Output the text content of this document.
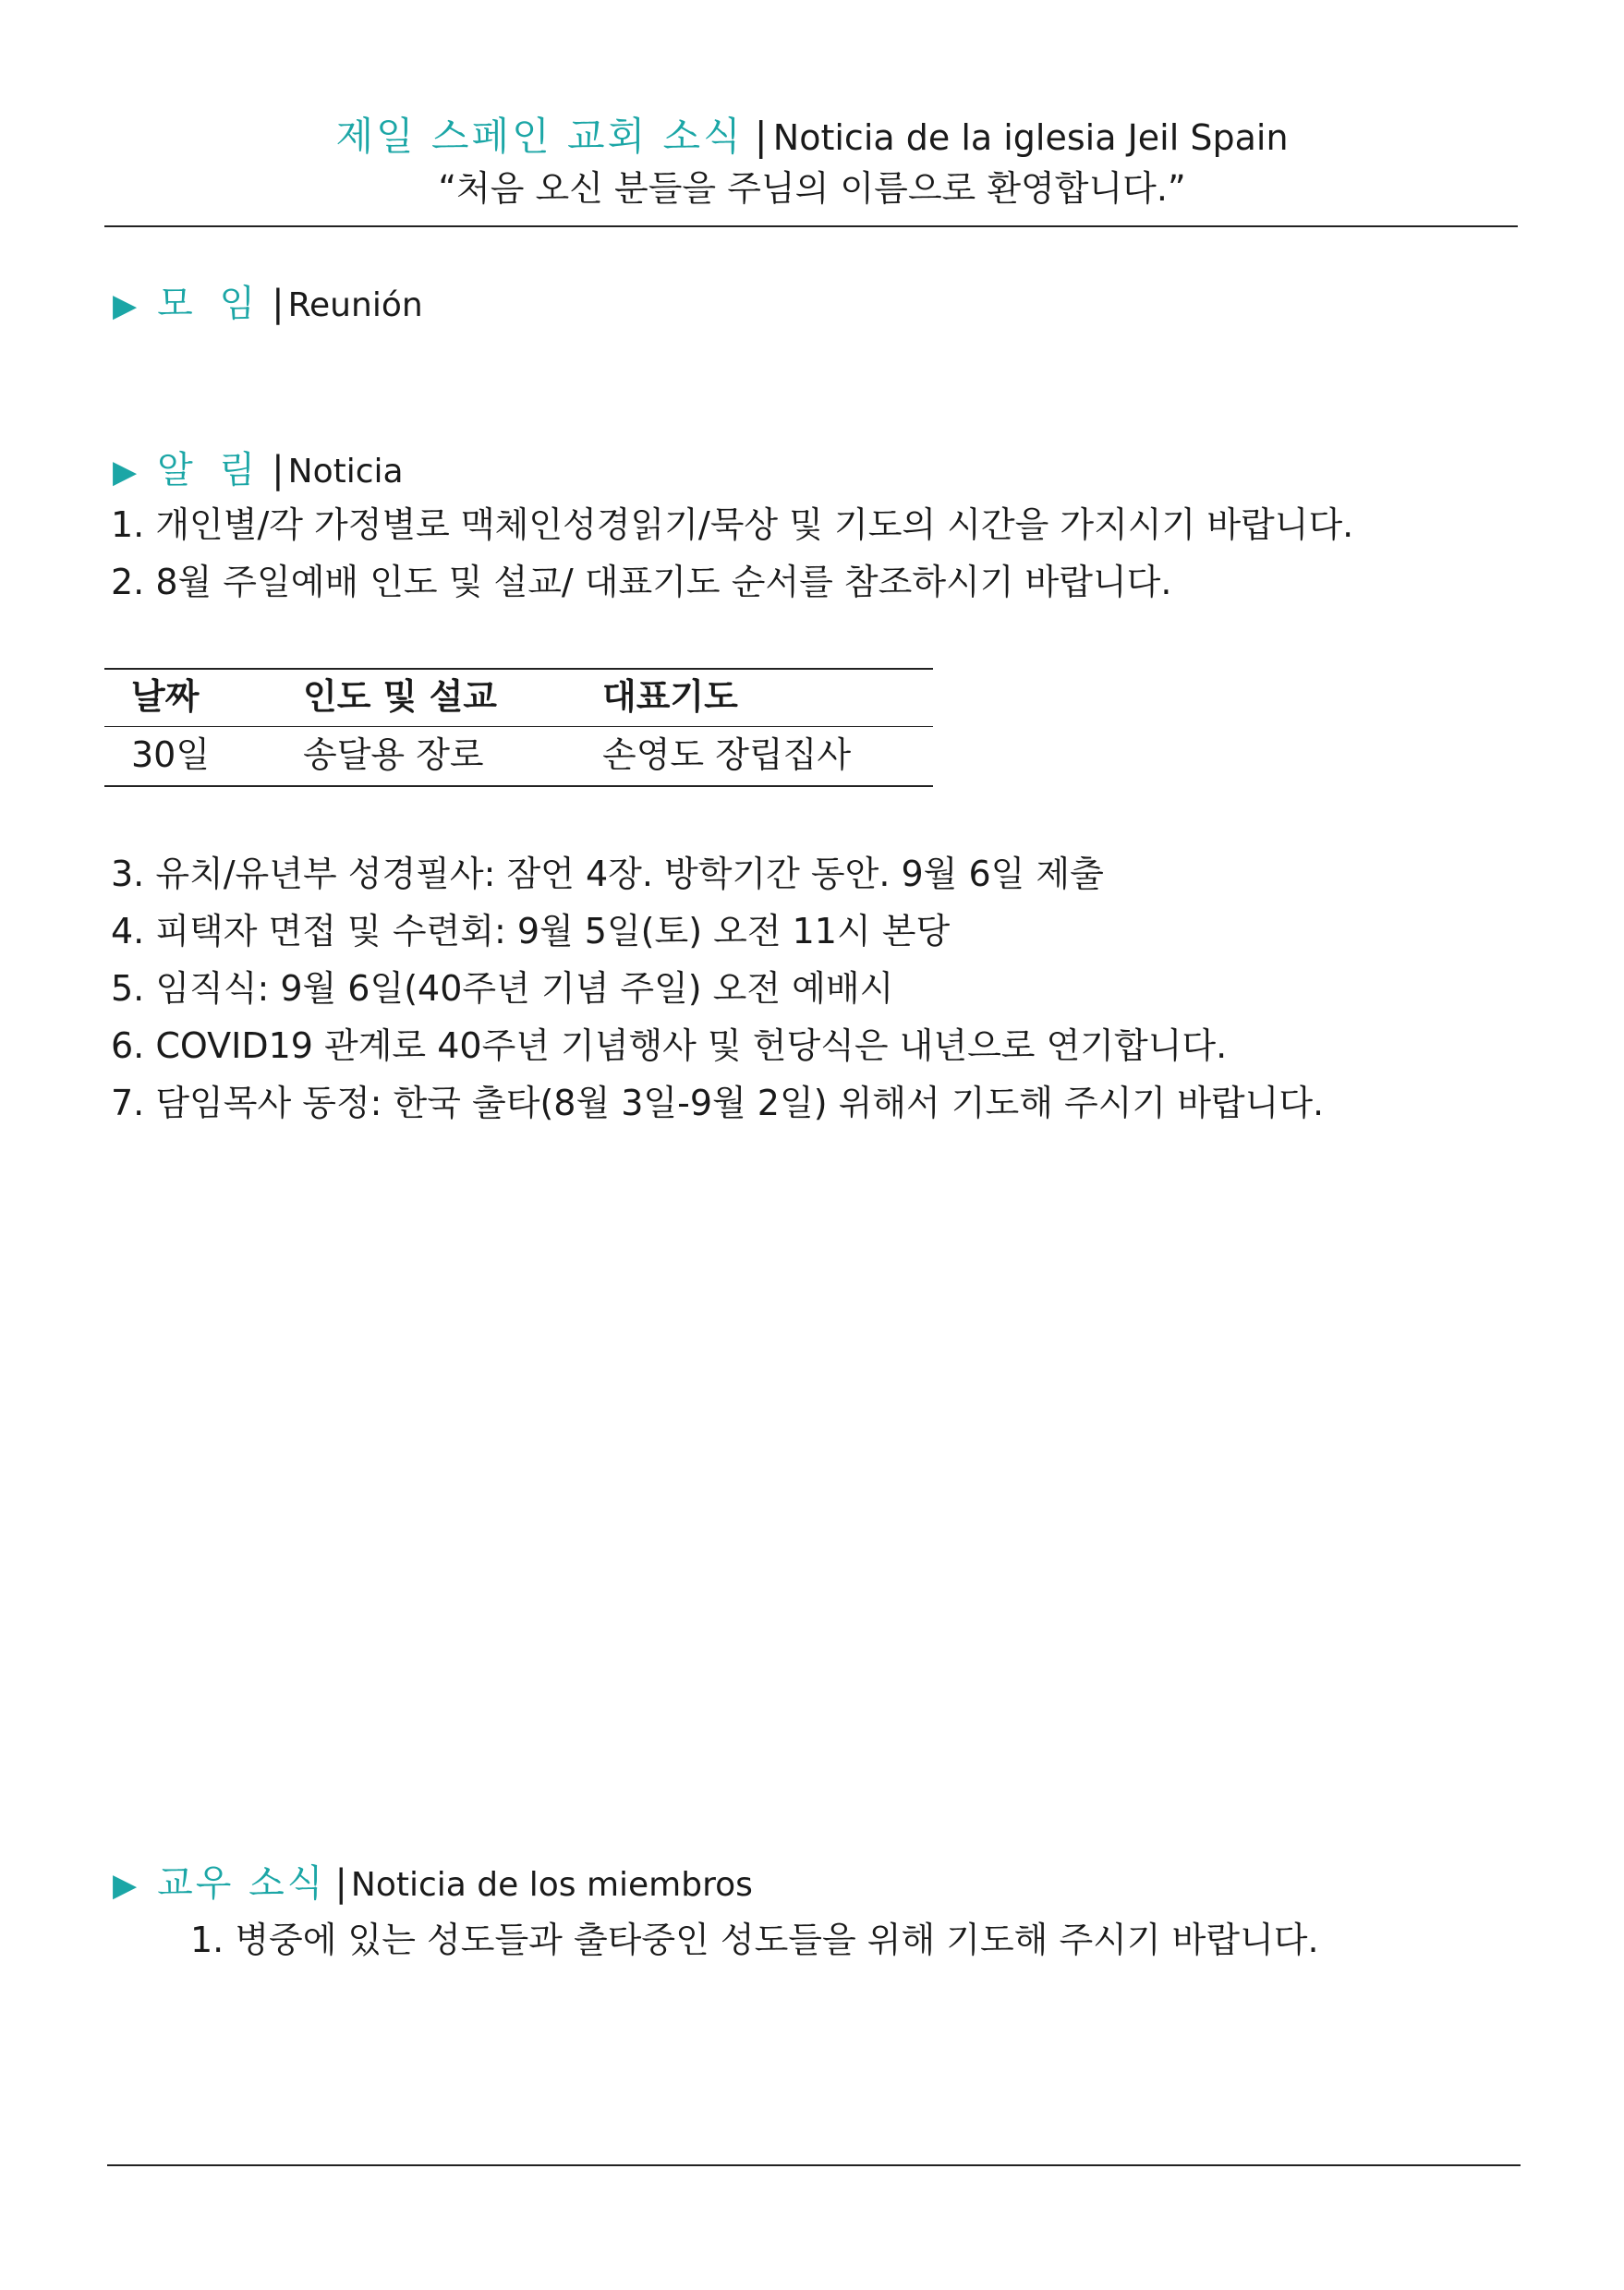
제일 스페인 교회 소식 | Noticia de la iglesia Jeil Spain
“처음 오신 분들을 주님의 이름으로 환영합니다.”
▶ 모 임 | Reunión
▶ 알 림 | Noticia
1. 개인별/각 가정별로 맥체인성경읽기/묵상 및 기도의 시간을 가지시기 바랍니다.
2. 8월 주일예배 인도 및 설교/ 대표기도 순서를 참조하시기 바랍니다.
날짜	인도 및 설교	대표기도
30일	송달용 장로	손영도 장립집사
3. 유치/유년부 성경필사: 잠언 4장. 방학기간 동안. 9월 6일 제출
4. 피택자 면접 및 수련회: 9월 5일(토) 오전 11시 본당
5. 임직식: 9월 6일(40주년 기념 주일) 오전 예배시
6. COVID19 관계로 40주년 기념행사 및 헌당식은 내년으로 연기합니다.
7. 담임목사 동정: 한국 출타(8월 3일-9월 2일) 위해서 기도해 주시기 바랍니다.
▶ 교우 소식 | Noticia de los miembros
1. 병중에 있는 성도들과 출타중인 성도들을 위해 기도해 주시기 바랍니다.
